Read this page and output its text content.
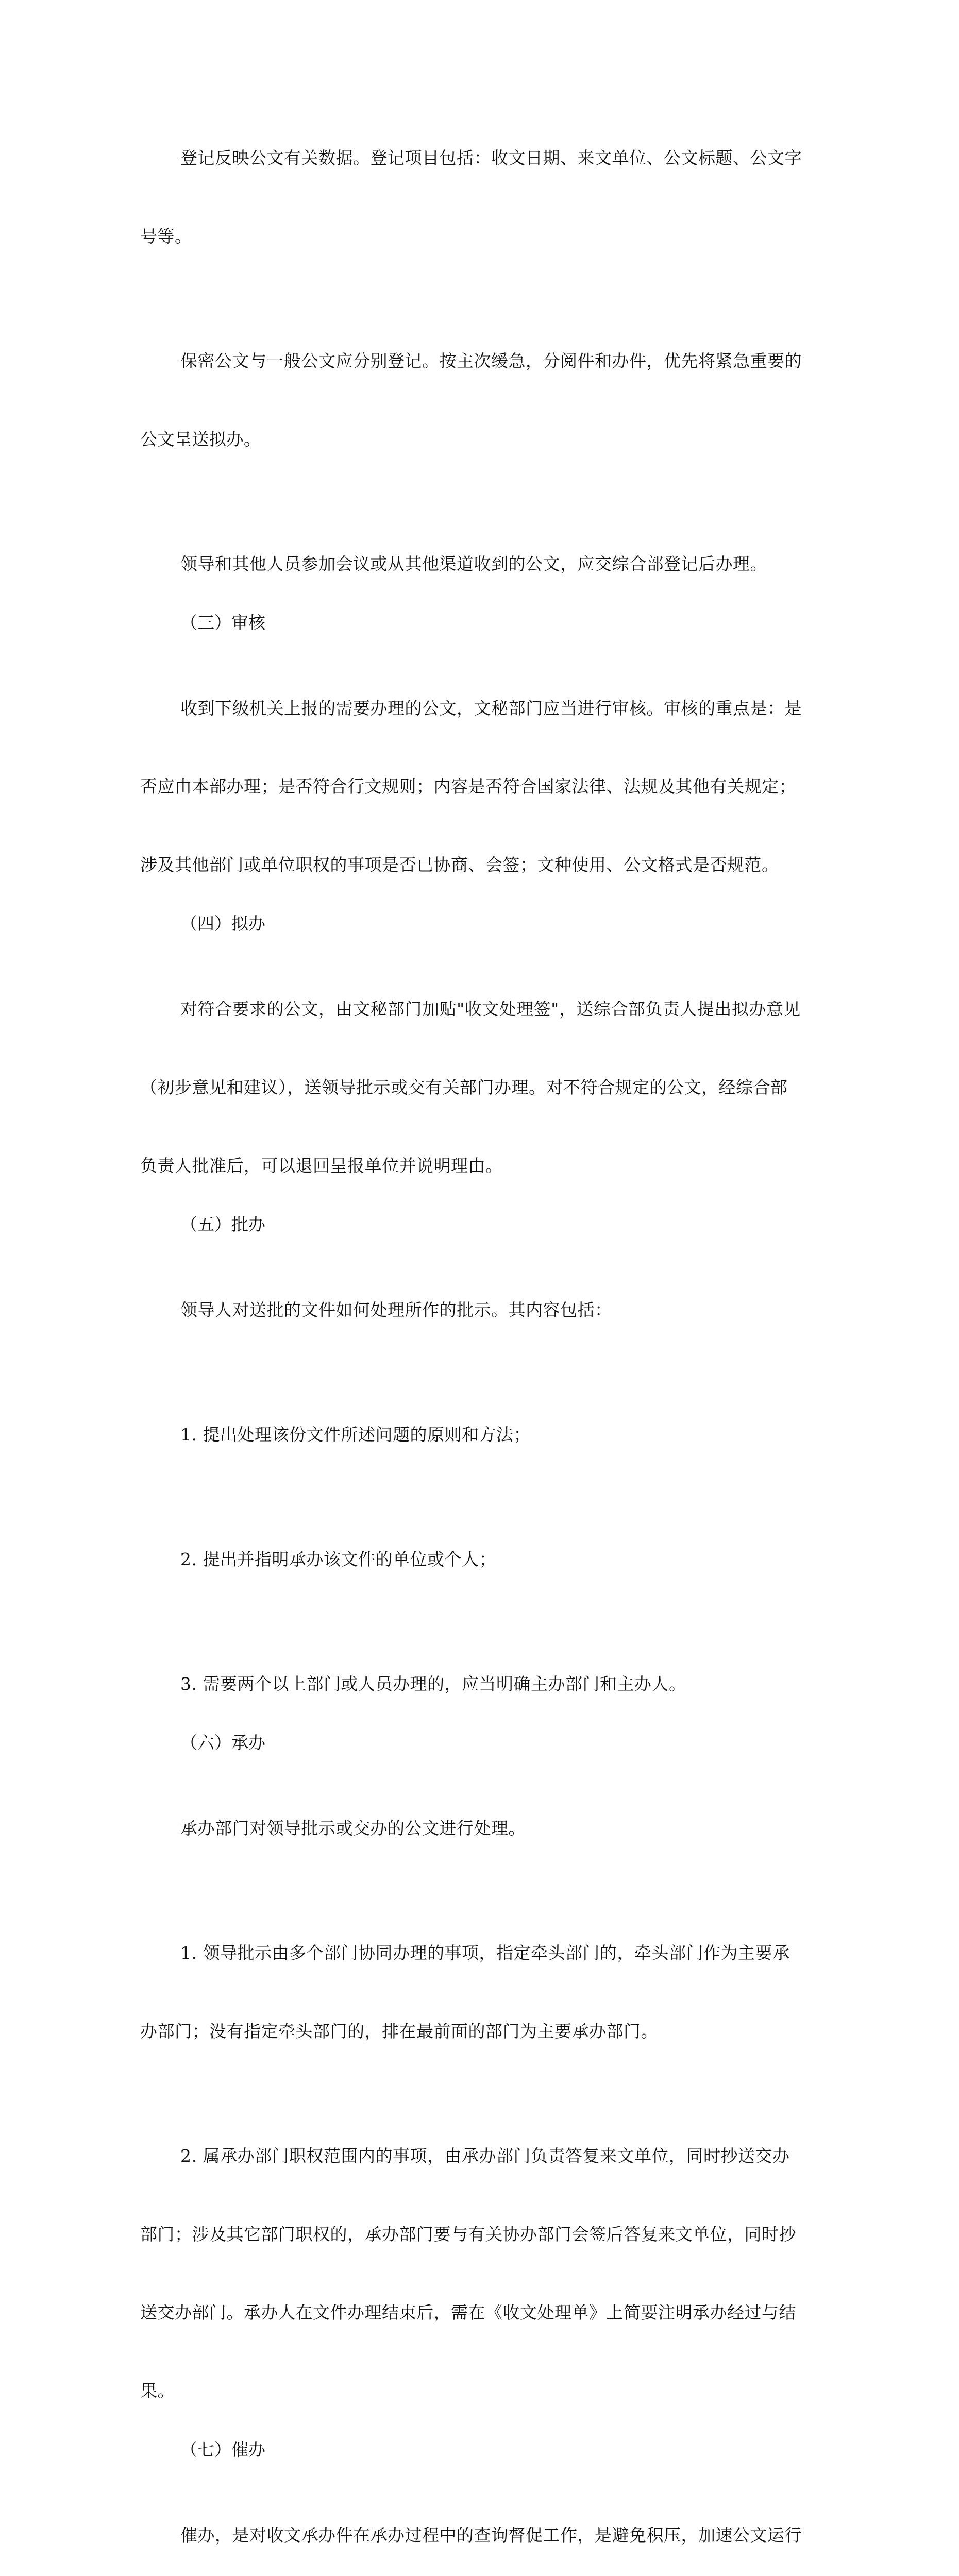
登记反映公文有关数据。登记项目包括：收文日期、来文单位、公文标题、公文字

号等。

保密公文与一般公文应分别登记。按主次缓急，分阅件和办件，优先将紧急重要的

公文呈送拟办。

领导和其他人员参加会议或从其他渠道收到的公文，应交综合部登记后办理。

（三）审核

收到下级机关上报的需要办理的公文，文秘部门应当进行审核。审核的重点是：是

否应由本部办理；是否符合行文规则；内容是否符合国家法律、法规及其他有关规定；

涉及其他部门或单位职权的事项是否已协商、会签；文种使用、公文格式是否规范。

（四）拟办

对符合要求的公文，由文秘部门加贴"收文处理签"，送综合部负责人提出拟办意见

（初步意见和建议），送领导批示或交有关部门办理。对不符合规定的公文，经综合部

负责人批准后，可以退回呈报单位并说明理由。

（五）批办

领导人对送批的文件如何处理所作的批示。其内容包括：

1. 提出处理该份文件所述问题的原则和方法；

2. 提出并指明承办该文件的单位或个人；

3. 需要两个以上部门或人员办理的，应当明确主办部门和主办人。

（六）承办

承办部门对领导批示或交办的公文进行处理。

1. 领导批示由多个部门协同办理的事项，指定牵头部门的，牵头部门作为主要承

办部门；没有指定牵头部门的，排在最前面的部门为主要承办部门。

2. 属承办部门职权范围内的事项，由承办部门负责答复来文单位，同时抄送交办

部门；涉及其它部门职权的，承办部门要与有关协办部门会签后答复来文单位，同时抄

送交办部门。承办人在文件办理结束后，需在《收文处理单》上简要注明承办经过与结

果。

（七）催办

催办，是对收文承办件在承办过程中的查询督促工作，是避免积压，加速公文运行
